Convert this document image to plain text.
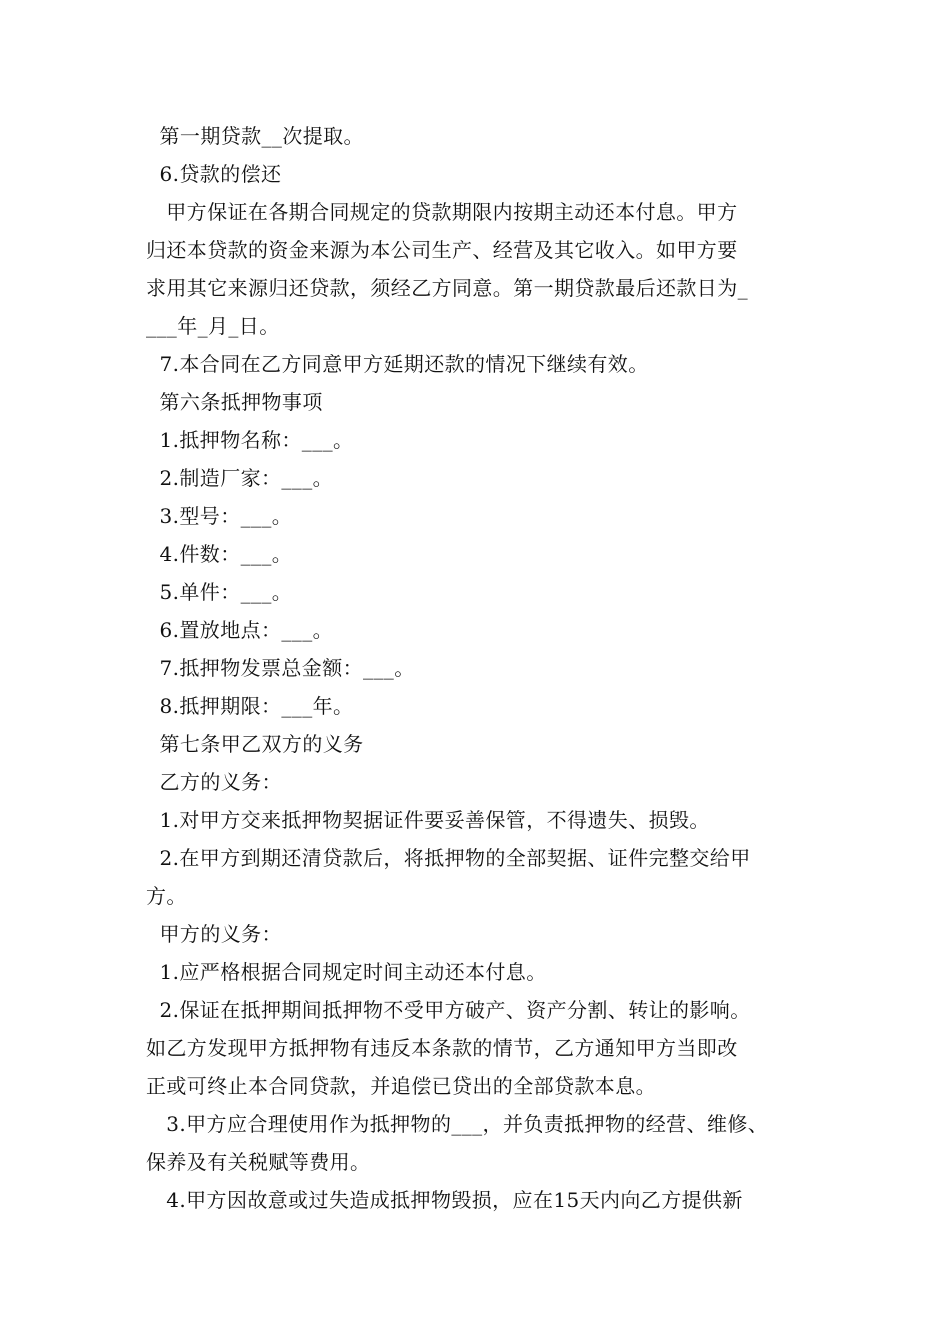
第一期贷款__次提取。
6.贷款的偿还
甲方保证在各期合同规定的贷款期限内按期主动还本付息。甲方
归还本贷款的资金来源为本公司生产、经营及其它收入。如甲方要
求用其它来源归还贷款，须经乙方同意。第一期贷款最后还款日为_
___年_月_日。
7.本合同在乙方同意甲方延期还款的情况下继续有效。
第六条抵押物事项
1.抵押物名称：___。
2.制造厂家：___。
3.型号：___。
4.件数：___。
5.单件：___。
6.置放地点：___。
7.抵押物发票总金额：___。
8.抵押期限：___年。
第七条甲乙双方的义务
乙方的义务：
1.对甲方交来抵押物契据证件要妥善保管，不得遗失、损毁。
2.在甲方到期还清贷款后，将抵押物的全部契据、证件完整交给甲
方。
甲方的义务：
1.应严格根据合同规定时间主动还本付息。
2.保证在抵押期间抵押物不受甲方破产、资产分割、转让的影响。
如乙方发现甲方抵押物有违反本条款的情节，乙方通知甲方当即改
正或可终止本合同贷款，并追偿已贷出的全部贷款本息。
3.甲方应合理使用作为抵押物的___，并负责抵押物的经营、维修、
保养及有关税赋等费用。
4.甲方因故意或过失造成抵押物毁损，应在15天内向乙方提供新
